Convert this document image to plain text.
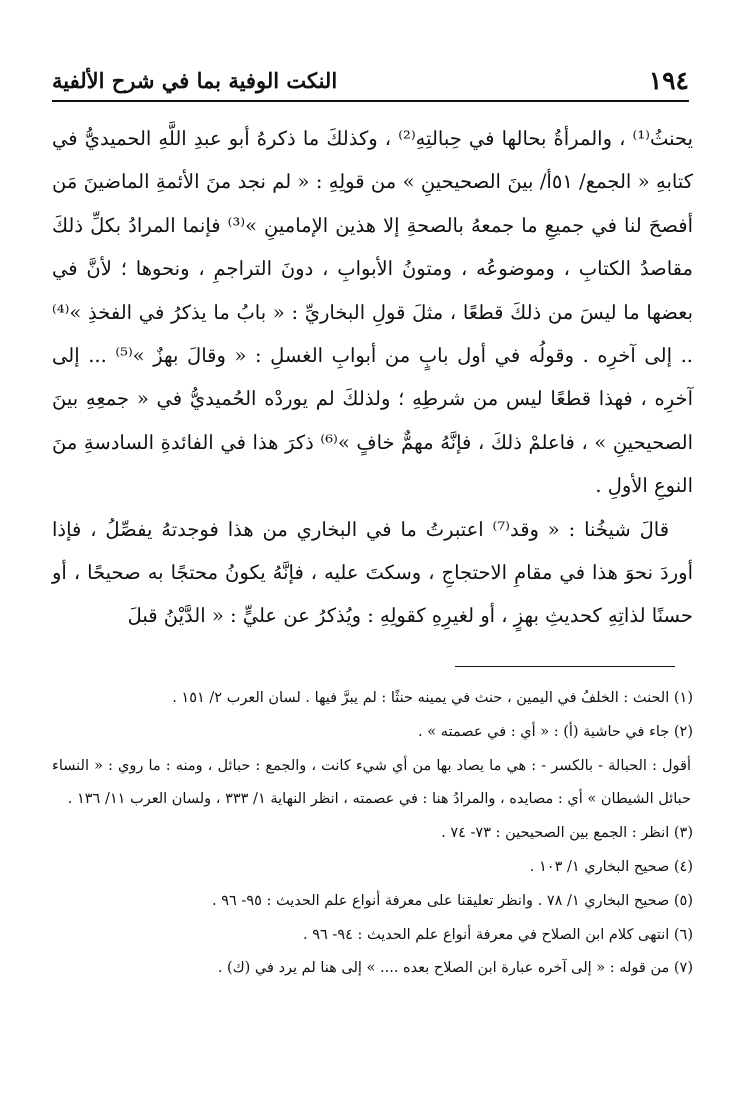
١٩٤
النكت الوفية بما في شرح الألفية

يحنثُ⁽¹⁾ ، والمرأةُ بحالها في حِبالتِهِ⁽²⁾ ، وكذلكَ ما ذكرهُ أبو عبدِ اللَّهِ الحميديُّ في كتابهِ « الجمع/ ٥١أ/ بينَ الصحيحينِ » من قولِهِ : « لم نجد منَ الأئمةِ الماضينَ مَن أفصحَ لنا في جميعِ ما جمعهُ بالصحةِ إلا هذين الإمامينِ »⁽³⁾ فإنما المرادُ بكلِّ ذلكَ مقاصدُ الكتابِ ، وموضوعُه ، ومتونُ الأبوابِ ، دونَ التراجمِ ، ونحوها ؛ لأنَّ في بعضها ما ليسَ من ذلكَ قطعًا ، مثلَ قولِ البخاريِّ : « بابُ ما يذكرُ في الفخذِ »⁽⁴⁾ .. إلى آخرِه . وقولُه في أول بابٍ من أبوابِ الغسلِ : « وقالَ بهزٌ »⁽⁵⁾ ... إلى آخرِه ، فهذا قطعًا ليس من شرطِهِ ؛ ولذلكَ لم يوردْه الحُميديُّ في « جمعِهِ بينَ الصحيحينِ » ، فاعلمْ ذلكَ ، فإنَّهُ مهمٌّ خافٍ »⁽⁶⁾ ذكرَ هذا في الفائدةِ السادسةِ منَ النوعِ الأولِ .

قالَ شيخُنا : « وقد⁽⁷⁾ اعتبرتُ ما في البخاري من هذا فوجدتهُ يفصِّلُ ، فإذا أوردَ نحوَ هذا في مقامِ الاحتجاجِ ، وسكتَ عليه ، فإنَّهُ يكونُ محتجًا به صحيحًا ، أو حسنًا لذاتِهِ كحديثِ بهزٍ ، أو لغيرِهِ كقولِهِ : ويُذكرُ عن عليٍّ : « الدَّيْنُ قبلَ

(١) الحنث : الخلفُ في اليمين ، حنث في يمينه حنثًا : لم يبرَّ فيها . لسان العرب ٢/ ١٥١ .

(٢) جاء في حاشية (أ) : « أي : في عصمته » .

أقول : الحبالة - بالكسر - : هي ما يصاد بها من أي شيء كانت ، والجمع : حبائل ، ومنه : ما روي : « النساء حبائل الشيطان » أي : مصايده ، والمرادُ هنا : في عصمته ، انظر النهاية ١/ ٣٣٣ ، ولسان العرب ١١/ ١٣٦ .

(٣) انظر : الجمع بين الصحيحين : ٧٣- ٧٤ .

(٤) صحيح البخاري ١/ ١٠٣ .

(٥) صحيح البخاري ١/ ٧٨ . وانظر تعليقنا على معرفة أنواع علم الحديث : ٩٥- ٩٦ .

(٦) انتهى كلام ابن الصلاح في معرفة أنواع علم الحديث : ٩٤- ٩٦ .

(٧) من قوله : « إلى آخره عبارة ابن الصلاح بعده .... » إلى هنا لم يرد في (ك) .
